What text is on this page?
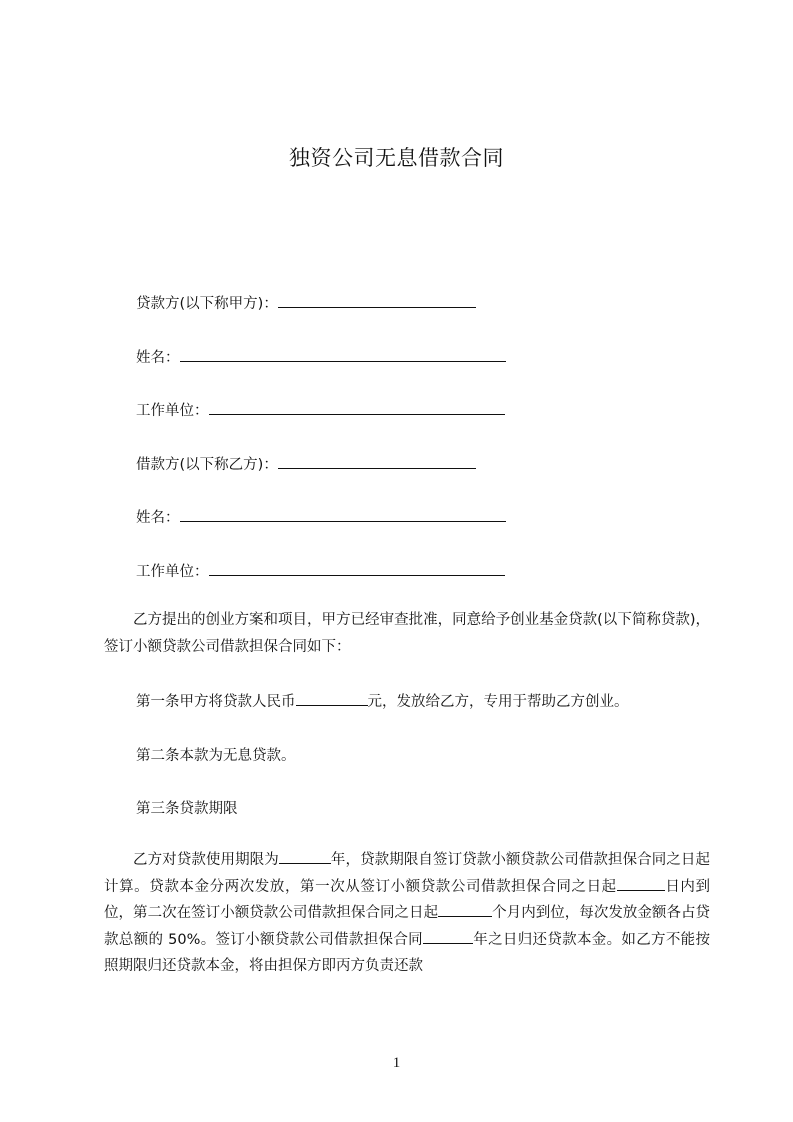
独资公司无息借款合同
贷款方(以下称甲方)：
姓名：
工作单位：
借款方(以下称乙方)：
姓名：
工作单位：
乙方提出的创业方案和项目，甲方已经审查批准，同意给予创业基金贷款(以下简称贷款)，签订小额贷款公司借款担保合同如下：
第一条甲方将贷款人民币	元，发放给乙方，专用于帮助乙方创业。
第二条本款为无息贷款。
第三条贷款期限
乙方对贷款使用期限为	年，贷款期限自签订贷款小额贷款公司借款担保合同之日起计算。贷款本金分两次发放，第一次从签订小额贷款公司借款担保合同之日起	日内到位，第二次在签订小额贷款公司借款担保合同之日起	个月内到位，每次发放金额各占贷款总额的 50%。签订小额贷款公司借款担保合同	年之日归还贷款本金。如乙方不能按照期限归还贷款本金，将由担保方即丙方负责还款
1
